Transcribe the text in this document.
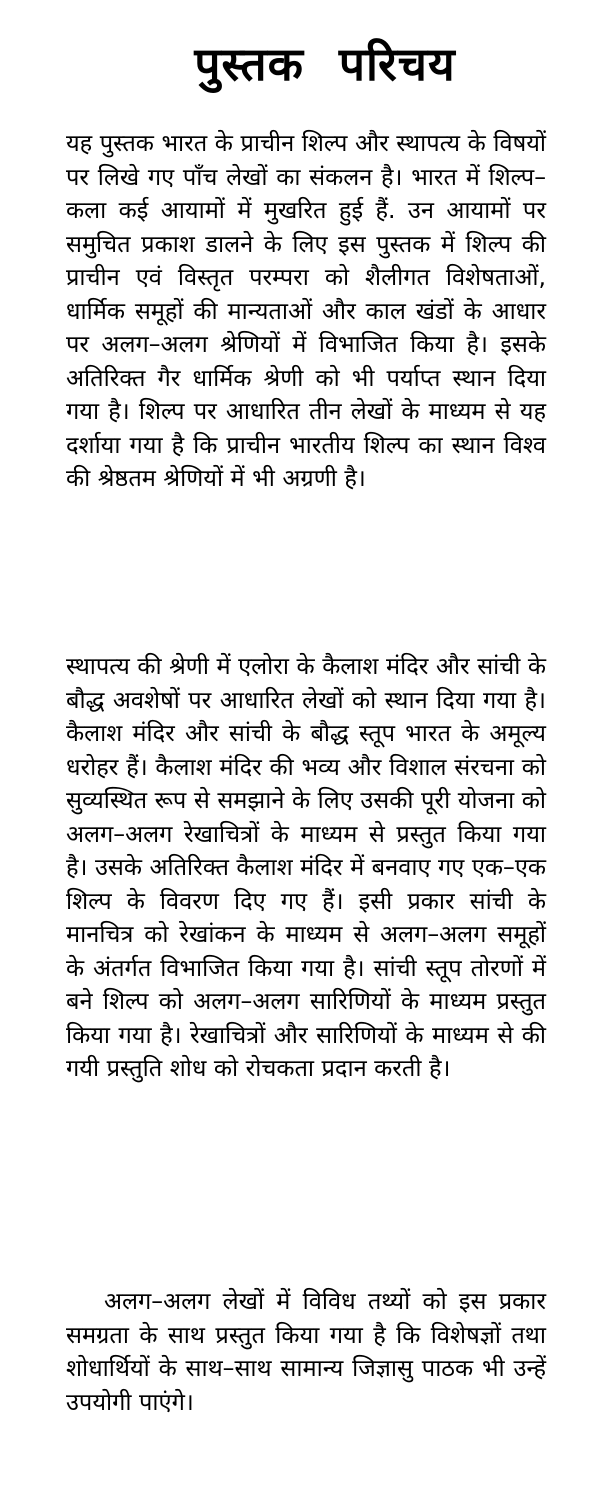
पुस्तक परिचय

यह पुस्तक भारत के प्राचीन शिल्प और स्थापत्य के विषयों पर लिखे गए पाँच लेखों का संकलन है। भारत में शिल्प–कला कई आयामों में मुखरित हुई हैं. उन आयामों पर समुचित प्रकाश डालने के लिए इस पुस्तक में शिल्प की प्राचीन एवं विस्तृत परम्परा को शैलीगत विशेषताओं, धार्मिक समूहों की मान्यताओं और काल खंडों के आधार पर अलग–अलग श्रेणियों में विभाजित किया है। इसके अतिरिक्त गैर धार्मिक श्रेणी को भी पर्याप्त स्थान दिया गया है। शिल्प पर आधारित तीन लेखों के माध्यम से यह दर्शाया गया है कि प्राचीन भारतीय शिल्प का स्थान विश्व की श्रेष्ठतम श्रेणियों में भी अग्रणी है।

स्थापत्य की श्रेणी में एलोरा के कैलाश मंदिर और सांची के बौद्ध अवशेषों पर आधारित लेखों को स्थान दिया गया है। कैलाश मंदिर और सांची के बौद्ध स्तूप भारत के अमूल्य धरोहर हैं। कैलाश मंदिर की भव्य और विशाल संरचना को सुव्यस्थित रूप से समझाने के लिए उसकी पूरी योजना को अलग–अलग रेखाचित्रों के माध्यम से प्रस्तुत किया गया है। उसके अतिरिक्त कैलाश मंदिर में बनवाए गए एक–एक शिल्प के विवरण दिए गए हैं। इसी प्रकार सांची के मानचित्र को रेखांकन के माध्यम से अलग–अलग समूहों के अंतर्गत विभाजित किया गया है। सांची स्तूप तोरणों में बने शिल्प को अलग–अलग सारिणियों के माध्यम प्रस्तुत किया गया है। रेखाचित्रों और सारिणियों के माध्यम से की गयी प्रस्तुति शोध को रोचकता प्रदान करती है।

अलग–अलग लेखों में विविध तथ्यों को इस प्रकार समग्रता के साथ प्रस्तुत किया गया है कि विशेषज्ञों तथा शोधार्थियों के साथ–साथ सामान्य जिज्ञासु पाठक भी उन्हें उपयोगी पाएंगे।
